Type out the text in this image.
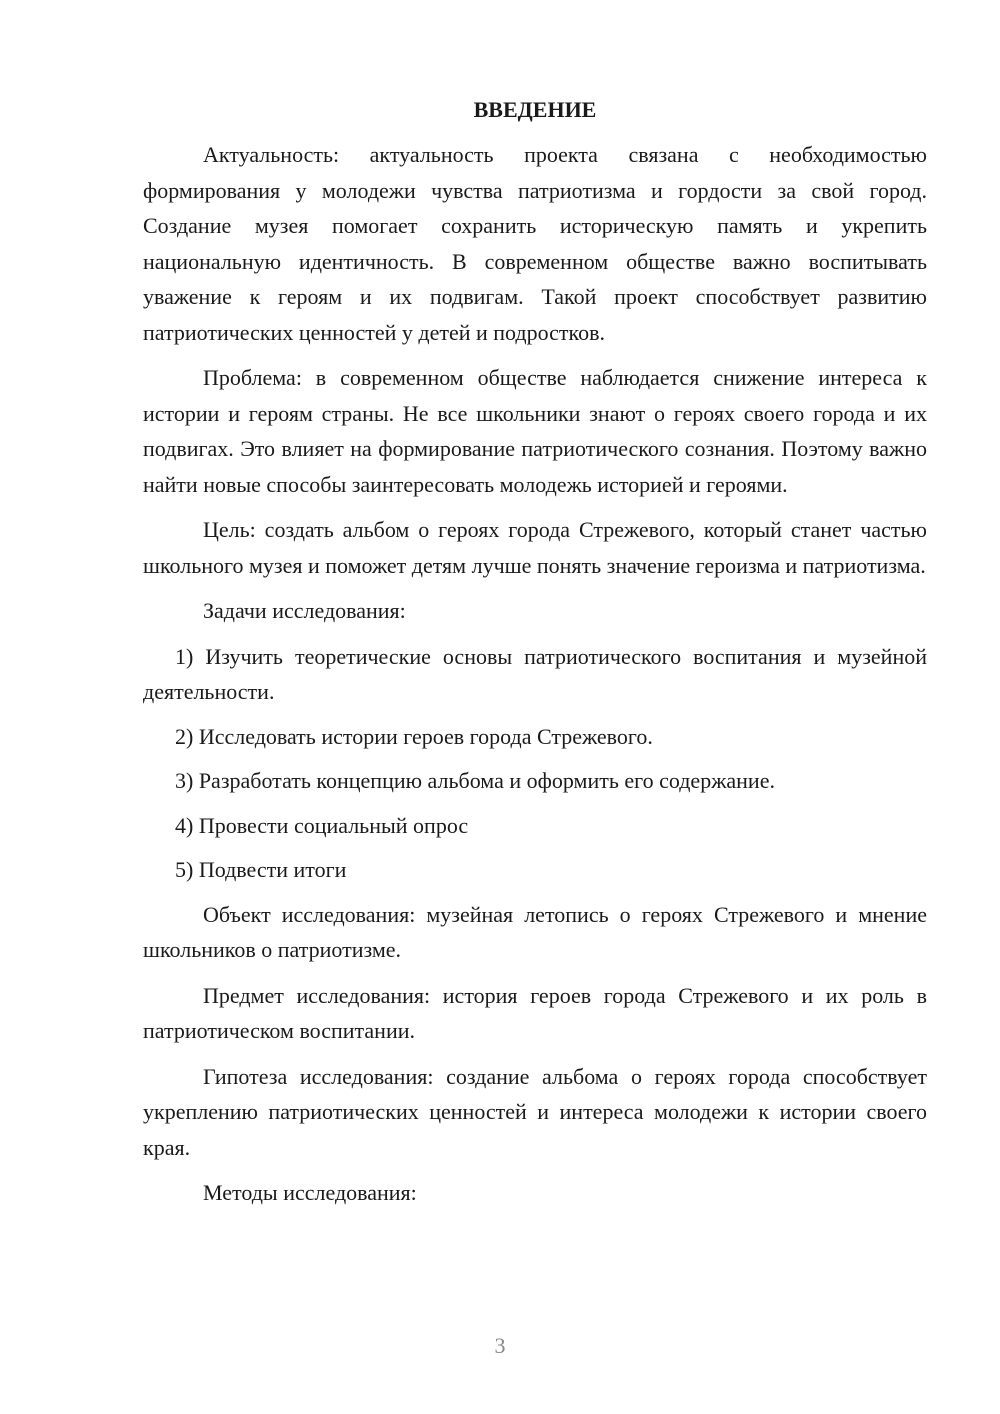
ВВЕДЕНИЕ

Актуальность: актуальность проекта связана с необходимостью формирования у молодежи чувства патриотизма и гордости за свой город. Создание музея помогает сохранить историческую память и укрепить национальную идентичность. В современном обществе важно воспитывать уважение к героям и их подвигам. Такой проект способствует развитию патриотических ценностей у детей и подростков.

Проблема: в современном обществе наблюдается снижение интереса к истории и героям страны. Не все школьники знают о героях своего города и их подвигах. Это влияет на формирование патриотического сознания. Поэтому важно найти новые способы заинтересовать молодежь историей и героями.

Цель: создать альбом о героях города Стрежевого, который станет частью школьного музея и поможет детям лучше понять значение героизма и патриотизма.

Задачи исследования:

1) Изучить теоретические основы патриотического воспитания и музейной деятельности.

2) Исследовать истории героев города Стрежевого.

3) Разработать концепцию альбома и оформить его содержание.

4) Провести социальный опрос

5) Подвести итоги

Объект исследования: музейная летопись о героях Стрежевого и мнение школьников о патриотизме.

Предмет исследования: история героев города Стрежевого и их роль в патриотическом воспитании.

Гипотеза исследования: создание альбома о героях города способствует укреплению патриотических ценностей и интереса молодежи к истории своего края.

Методы исследования:

3
